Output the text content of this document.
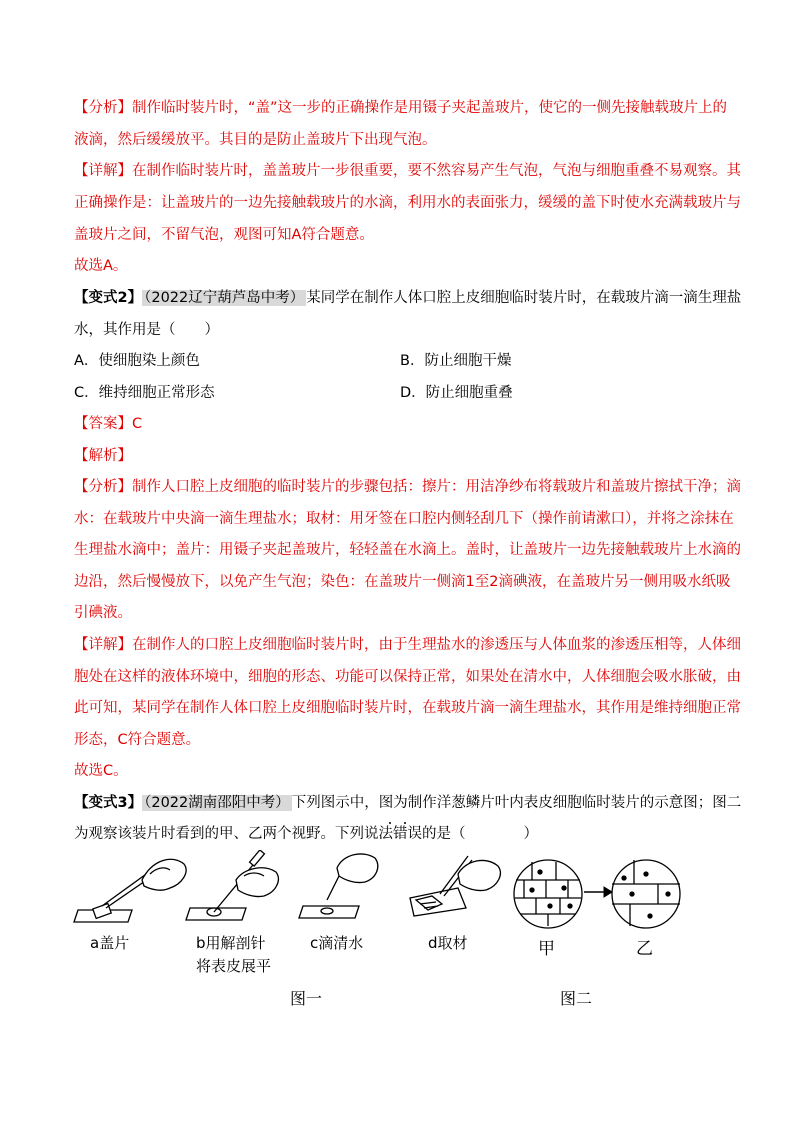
【分析】制作临时装片时，“盖”这一步的正确操作是用镊子夹起盖玻片，使它的一侧先接触载玻片上的
液滴，然后缓缓放平。其目的是防止盖玻片下出现气泡。
【详解】在制作临时装片时，盖盖玻片一步很重要，要不然容易产生气泡，气泡与细胞重叠不易观察。其
正确操作是：让盖玻片的一边先接触载玻片的水滴，利用水的表面张力，缓缓的盖下时使水充满载玻片与
盖玻片之间，不留气泡，观图可知A符合题意。
故选A。
【变式2】 （2022辽宁葫芦岛中考） 某同学在制作人体口腔上皮细胞临时装片时，在载玻片滴一滴生理盐
水，其作用是（　　）
A．使细胞染上颜色	B．防止细胞干燥
C．维持细胞正常形态	D．防止细胞重叠
【答案】C
【解析】
【分析】制作人口腔上皮细胞的临时装片的步骤包括：擦片：用洁净纱布将载玻片和盖玻片擦拭干净；滴
水：在载玻片中央滴一滴生理盐水；取材：用牙签在口腔内侧轻刮几下（操作前请漱口），并将之涂抹在
生理盐水滴中；盖片：用镊子夹起盖玻片，轻轻盖在水滴上。盖时，让盖玻片一边先接触载玻片上水滴的
边沿，然后慢慢放下，以免产生气泡；染色：在盖玻片一侧滴1至2滴碘液，在盖玻片另一侧用吸水纸吸
引碘液。
【详解】在制作人的口腔上皮细胞临时装片时，由于生理盐水的渗透压与人体血浆的渗透压相等，人体细
胞处在这样的液体环境中，细胞的形态、功能可以保持正常，如果处在清水中，人体细胞会吸水胀破，由
此可知，某同学在制作人体口腔上皮细胞临时装片时，在载玻片滴一滴生理盐水，其作用是维持细胞正常
形态，C符合题意。
故选C。
【变式3】 （2022湖南邵阳中考） 下列图示中，图为制作洋葱鳞片叶内表皮细胞临时装片的示意图；图二
为观察该装片时看到的甲、乙两个视野。下列说法错误的是（　　　　）
a盖片	b用解剖针
将表皮展平
c滴清水	d取材	甲	乙
图一	图二
